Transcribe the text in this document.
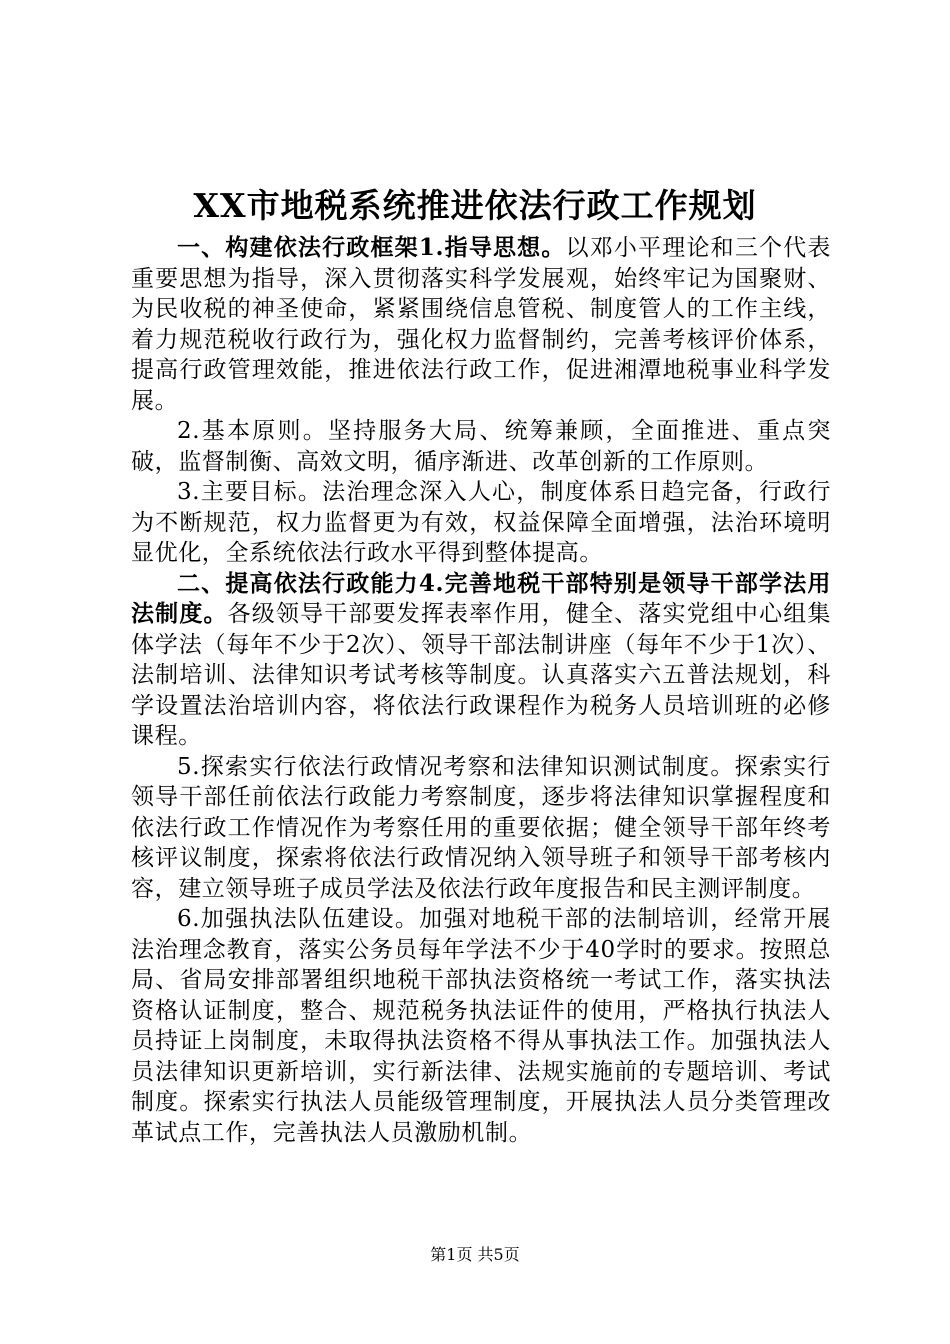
XX市地税系统推进依法行政工作规划

一、构建依法行政框架1.指导思想。以邓小平理论和三个代表重要思想为指导，深入贯彻落实科学发展观，始终牢记为国聚财、为民收税的神圣使命，紧紧围绕信息管税、制度管人的工作主线，着力规范税收行政行为，强化权力监督制约，完善考核评价体系，提高行政管理效能，推进依法行政工作，促进湘潭地税事业科学发展。

2.基本原则。坚持服务大局、统筹兼顾，全面推进、重点突破，监督制衡、高效文明，循序渐进、改革创新的工作原则。

3.主要目标。法治理念深入人心，制度体系日趋完备，行政行为不断规范，权力监督更为有效，权益保障全面增强，法治环境明显优化，全系统依法行政水平得到整体提高。

二、提高依法行政能力4.完善地税干部特别是领导干部学法用法制度。各级领导干部要发挥表率作用，健全、落实党组中心组集体学法（每年不少于2次）、领导干部法制讲座（每年不少于1次）、法制培训、法律知识考试考核等制度。认真落实六五普法规划，科学设置法治培训内容，将依法行政课程作为税务人员培训班的必修课程。

5.探索实行依法行政情况考察和法律知识测试制度。探索实行领导干部任前依法行政能力考察制度，逐步将法律知识掌握程度和依法行政工作情况作为考察任用的重要依据；健全领导干部年终考核评议制度，探索将依法行政情况纳入领导班子和领导干部考核内容，建立领导班子成员学法及依法行政年度报告和民主测评制度。

6.加强执法队伍建设。加强对地税干部的法制培训，经常开展法治理念教育，落实公务员每年学法不少于40学时的要求。按照总局、省局安排部署组织地税干部执法资格统一考试工作，落实执法资格认证制度，整合、规范税务执法证件的使用，严格执行执法人员持证上岗制度，未取得执法资格不得从事执法工作。加强执法人员法律知识更新培训，实行新法律、法规实施前的专题培训、考试制度。探索实行执法人员能级管理制度，开展执法人员分类管理改革试点工作，完善执法人员激励机制。

第1页 共5页
